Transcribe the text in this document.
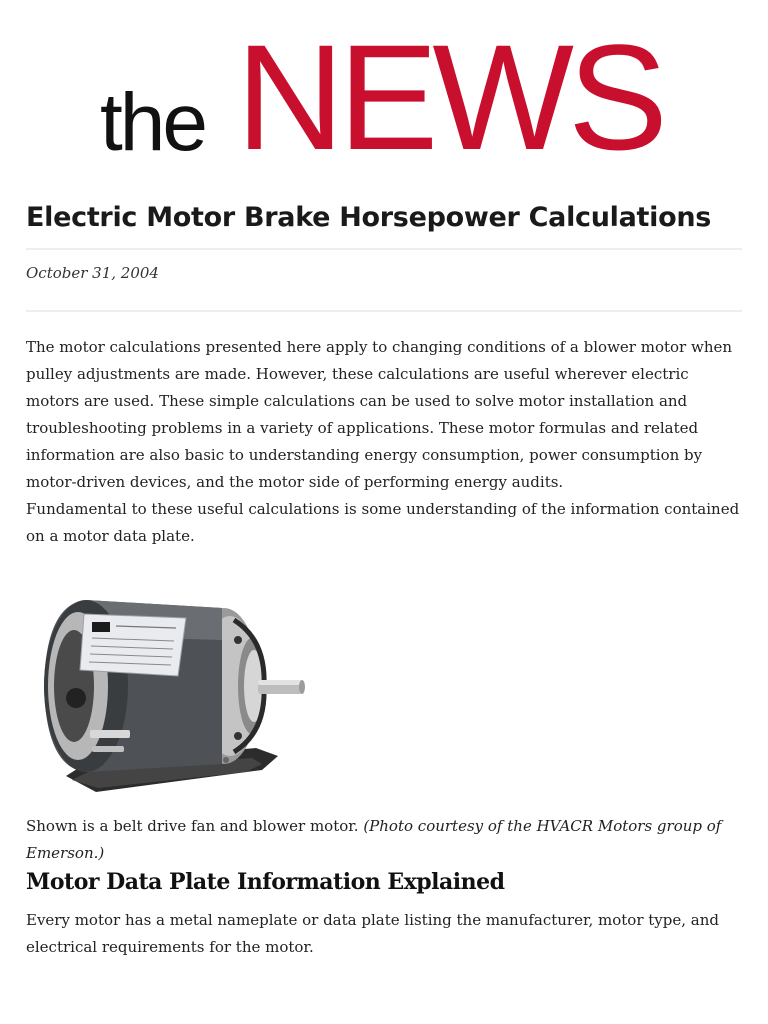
the NEWS
Electric Motor Brake Horsepower Calculations
October 31, 2004

The motor calculations presented here apply to changing conditions of a blower motor when pulley adjustments are made. However, these calculations are useful wherever electric motors are used. These simple calculations can be used to solve motor installation and troubleshooting problems in a variety of applications. These motor formulas and related information are also basic to understanding energy consumption, power consumption by motor-driven devices, and the motor side of performing energy audits.

Fundamental to these useful calculations is some understanding of the information contained on a motor data plate.

Shown is a belt drive fan and blower motor. (Photo courtesy of the HVACR Motors group of Emerson.)

Motor Data Plate Information Explained

Every motor has a metal nameplate or data plate listing the manufacturer, motor type, and electrical requirements for the motor.
